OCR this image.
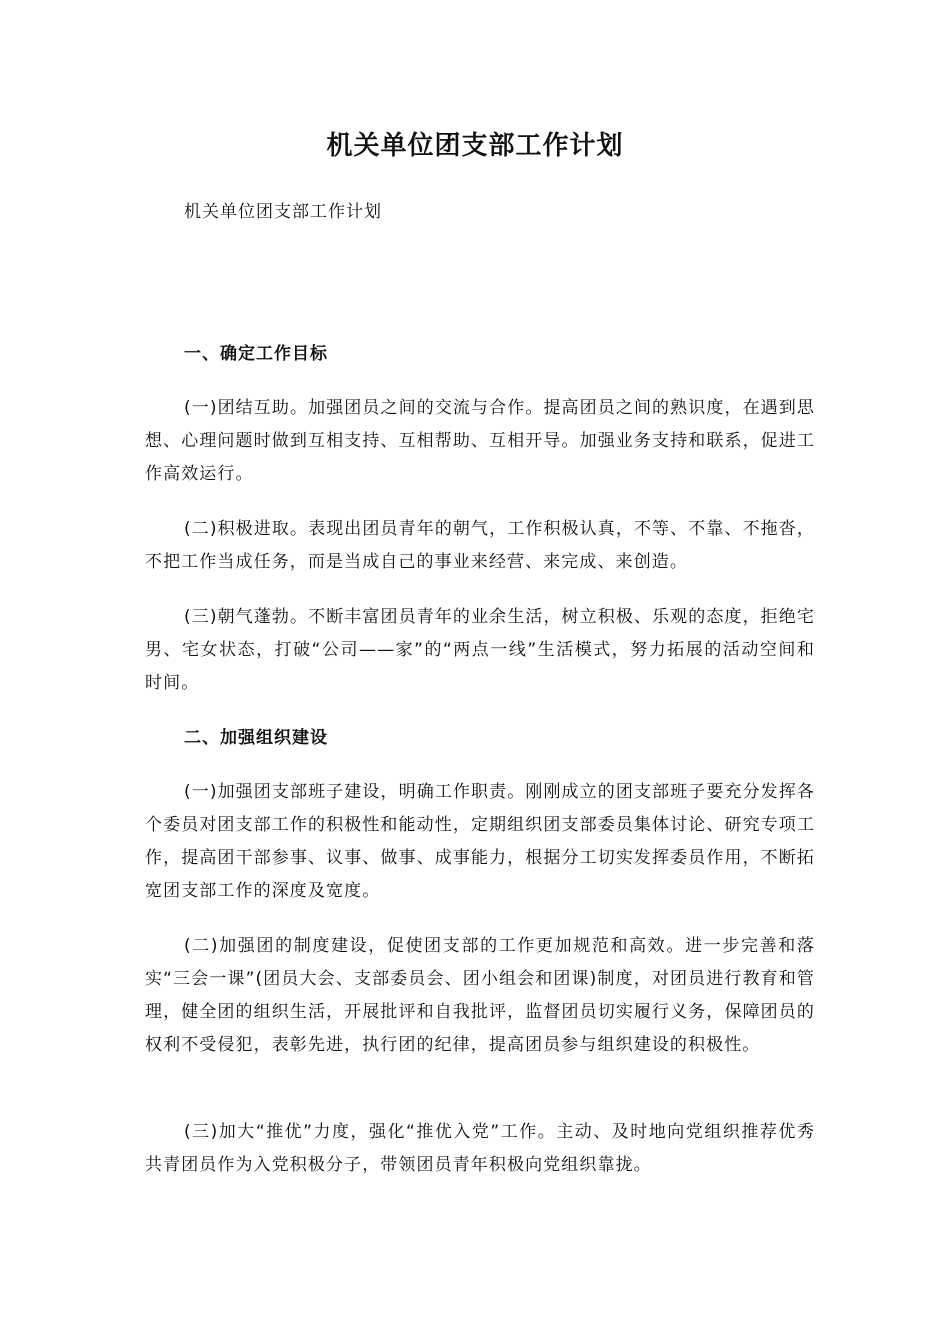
机关单位团支部工作计划

机关单位团支部工作计划

一、确定工作目标

(一)团结互助。加强团员之间的交流与合作。提高团员之间的熟识度，在遇到思想、心理问题时做到互相支持、互相帮助、互相开导。加强业务支持和联系，促进工作高效运行。

(二)积极进取。表现出团员青年的朝气，工作积极认真，不等、不靠、不拖沓，不把工作当成任务，而是当成自己的事业来经营、来完成、来创造。

(三)朝气蓬勃。不断丰富团员青年的业余生活，树立积极、乐观的态度，拒绝宅男、宅女状态，打破“公司——家”的“两点一线”生活模式，努力拓展的活动空间和时间。

二、加强组织建设

(一)加强团支部班子建设，明确工作职责。刚刚成立的团支部班子要充分发挥各个委员对团支部工作的积极性和能动性，定期组织团支部委员集体讨论、研究专项工作，提高团干部参事、议事、做事、成事能力，根据分工切实发挥委员作用，不断拓宽团支部工作的深度及宽度。

(二)加强团的制度建设，促使团支部的工作更加规范和高效。进一步完善和落实“三会一课”(团员大会、支部委员会、团小组会和团课)制度，对团员进行教育和管理，健全团的组织生活，开展批评和自我批评，监督团员切实履行义务，保障团员的权利不受侵犯，表彰先进，执行团的纪律，提高团员参与组织建设的积极性。

(三)加大“推优”力度，强化“推优入党”工作。主动、及时地向党组织推荐优秀共青团员作为入党积极分子，带领团员青年积极向党组织靠拢。
